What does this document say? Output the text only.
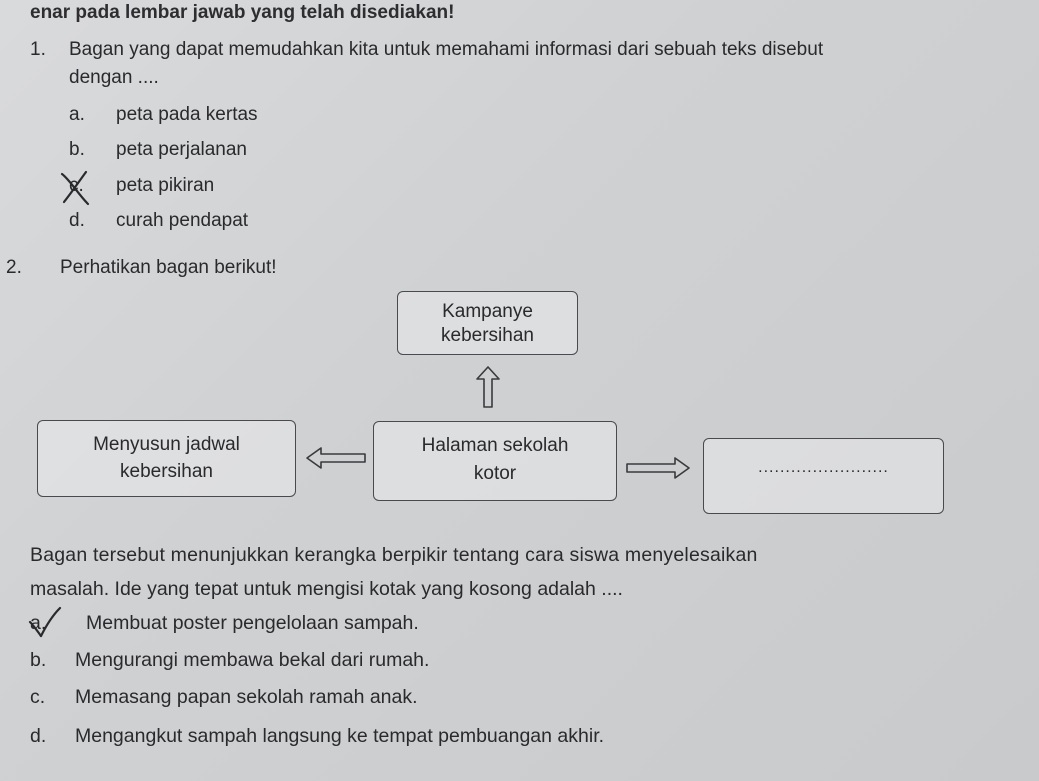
enar pada lembar jawab yang telah disediakan!
1. Bagan yang dapat memudahkan kita untuk memahami informasi dari sebuah teks disebut
dengan ....
a. peta pada kertas
b. peta perjalanan
c. peta pikiran
d. curah pendapat
2. Perhatikan bagan berikut!
Kampanye
kebersihan
Menyusun jadwal
kebersihan
Halaman sekolah
kotor	........................
Bagan tersebut menunjukkan kerangka berpikir tentang cara siswa menyelesaikan
masalah. Ide yang tepat untuk mengisi kotak yang kosong adalah ....
a. Membuat poster pengelolaan sampah.
b. Mengurangi membawa bekal dari rumah.
c. Memasang papan sekolah ramah anak.
d. Mengangkut sampah langsung ke tempat pembuangan akhir.
